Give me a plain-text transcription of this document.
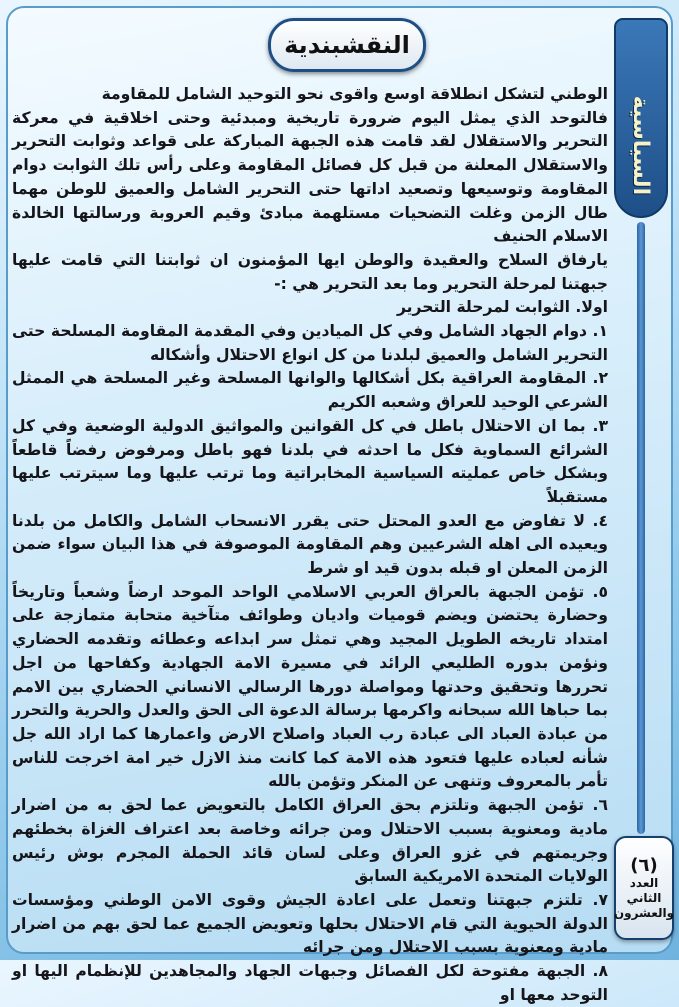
النقشبندية
السياسية
(٦)
العدد
الثاني
والعشرون

الوطني لتشكل انطلاقة اوسع واقوى نحو التوحيد الشامل للمقاومة

فالتوحد الذي يمثل اليوم ضرورة تاريخية ومبدئية وحتى اخلاقية في معركة التحرير والاستقلال لقد قامت هذه الجبهة المباركة على قواعد وثوابت التحرير والاستقلال المعلنة من قبل كل فصائل المقاومة وعلى رأس تلك الثوابت دوام المقاومة وتوسيعها وتصعيد اداتها حتى التحرير الشامل والعميق للوطن مهما طال الزمن وغلت التضحيات مستلهمة مبادئ وقيم العروبة ورسالتها الخالدة الاسلام الحنيف

يارفاق السلاح والعقيدة والوطن ايها المؤمنون ان ثوابتنا التي قامت عليها جبهتنا لمرحلة التحرير وما بعد التحرير هي :-

اولا. الثوابت لمرحلة التحرير

١. دوام الجهاد الشامل وفي كل الميادين وفي المقدمة المقاومة المسلحة حتى التحرير الشامل والعميق لبلدنا من كل انواع الاحتلال وأشكاله

٢. المقاومة العراقية بكل أشكالها والوانها المسلحة وغير المسلحة هي الممثل الشرعي الوحيد للعراق وشعبه الكريم

٣. بما ان الاحتلال باطل في كل القوانين والمواثيق الدولية الوضعية وفي كل الشرائع السماوية فكل ما احدثه في بلدنا فهو باطل ومرفوض رفضاً قاطعاً وبشكل خاص عمليته السياسية المخابراتية وما ترتب عليها وما سيترتب عليها مستقبلاً

٤. لا تفاوض مع العدو المحتل حتى يقرر الانسحاب الشامل والكامل من بلدنا ويعيده الى اهله الشرعيين وهم المقاومة الموصوفة في هذا البيان سواء ضمن الزمن المعلن او قبله بدون قيد او شرط

٥. تؤمن الجبهة بالعراق العربي الاسلامي الواحد الموحد ارضاً وشعباً وتاريخاً وحضارة يحتضن ويضم قوميات واديان وطوائف متآخية متحابة متمازجة على امتداد تاريخه الطويل المجيد وهي تمثل سر ابداعه وعطائه وتقدمه الحضاري ونؤمن بدوره الطليعي الرائد في مسيرة الامة الجهادية وكفاحها من اجل تحررها وتحقيق وحدتها ومواصلة دورها الرسالي الانساني الحضاري بين الامم بما حباها الله سبحانه واكرمها برسالة الدعوة الى الحق والعدل والحرية والتحرر من عبادة العباد الى عبادة رب العباد واصلاح الارض واعمارها كما اراد الله جل شأنه لعباده عليها فتعود هذه الامة كما كانت منذ الازل خير امة اخرجت للناس تأمر بالمعروف وتنهى عن المنكر وتؤمن بالله

٦. تؤمن الجبهة وتلتزم بحق العراق الكامل بالتعويض عما لحق به من اضرار مادية ومعنوية بسبب الاحتلال ومن جرائه وخاصة بعد اعتراف الغزاة بخطئهم وجريمتهم في غزو العراق وعلى لسان قائد الحملة المجرم بوش رئيس الولايات المتحدة الامريكية السابق

٧. تلتزم جبهتنا وتعمل على اعادة الجيش وقوى الامن الوطني ومؤسسات الدولة الحيوية التي قام الاحتلال بحلها وتعويض الجميع عما لحق بهم من اضرار مادية ومعنوية بسبب الاحتلال ومن جرائه

٨. الجبهة مفتوحة لكل الفصائل وجبهات الجهاد والمجاهدين للإنظمام اليها او التوحد معها او
